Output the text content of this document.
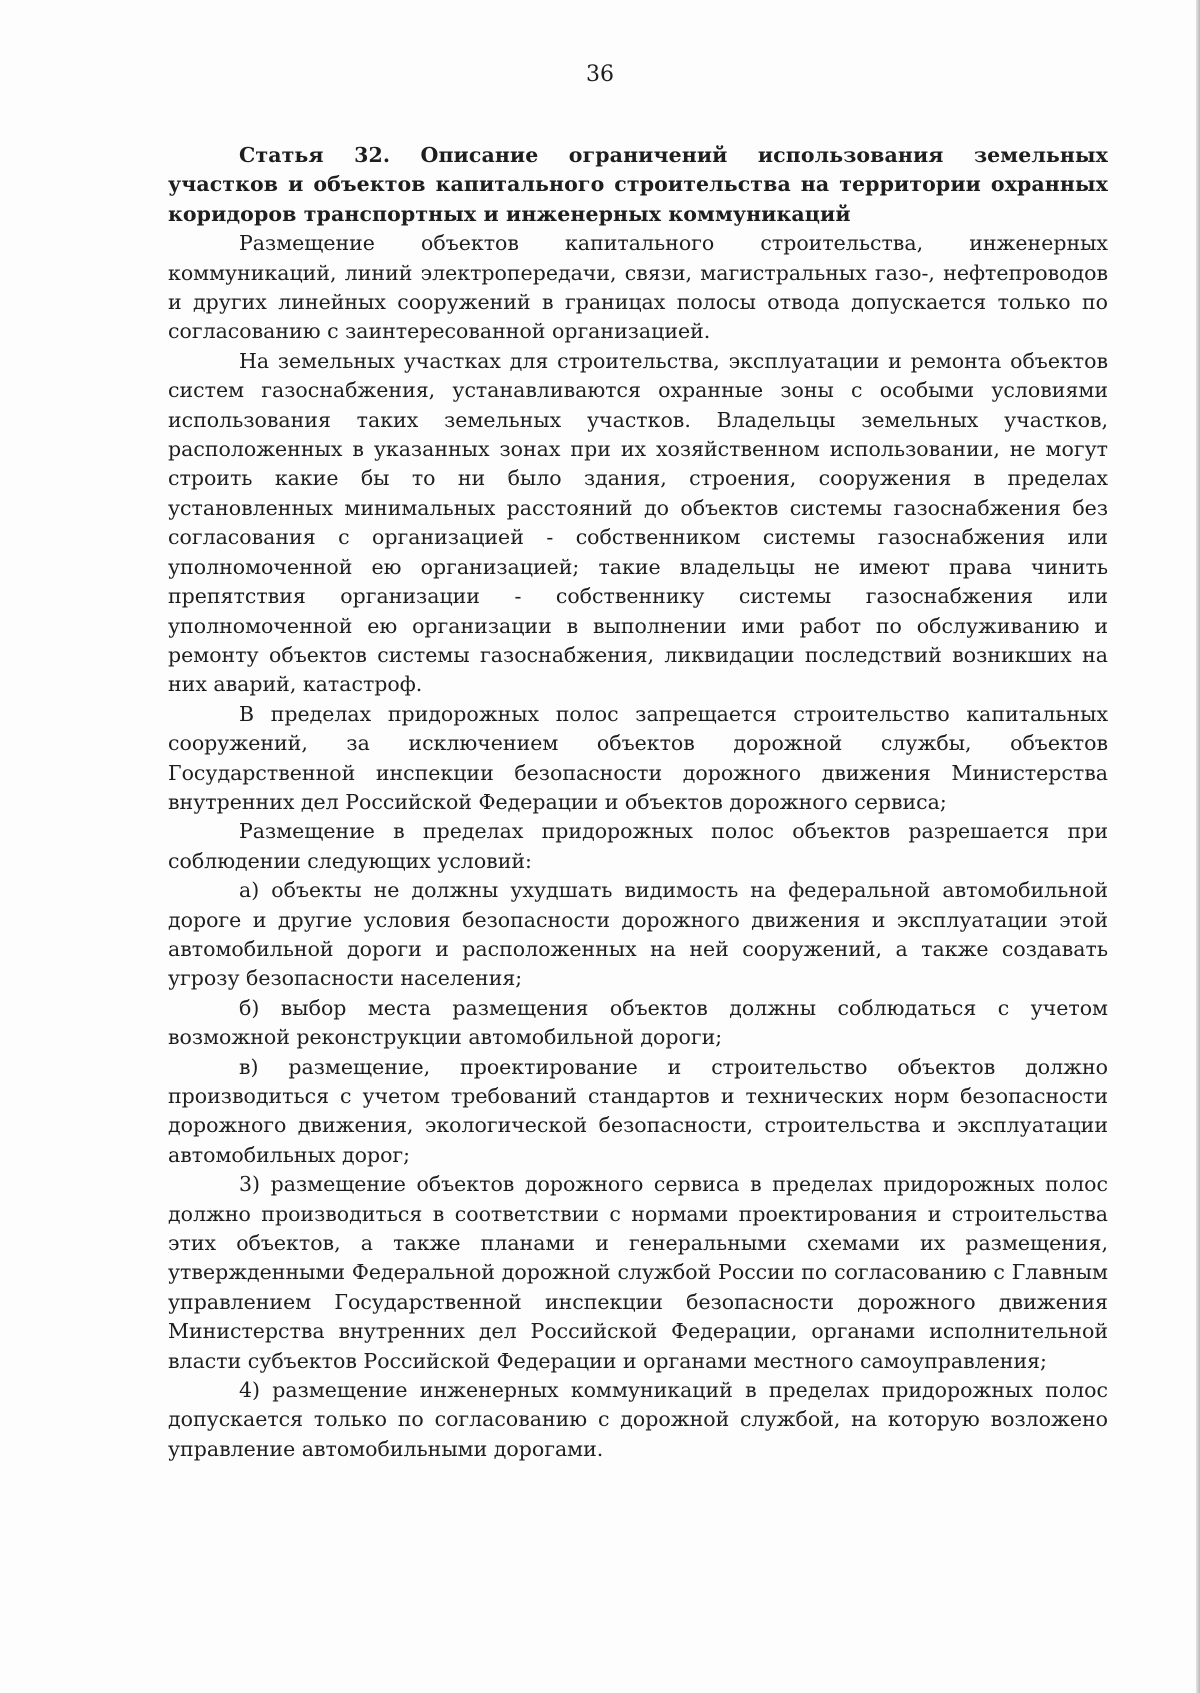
36

Статья 32. Описание ограничений использования земельных участков и объектов капитального строительства на территории охранных коридоров транспортных и инженерных коммуникаций

Размещение объектов капитального строительства, инженерных коммуникаций, линий электропередачи, связи, магистральных газо-, нефтепроводов и других линейных сооружений в границах полосы отвода допускается только по согласованию с заинтересованной организацией.

На земельных участках для строительства, эксплуатации и ремонта объектов систем газоснабжения, устанавливаются охранные зоны с особыми условиями использования таких земельных участков. Владельцы земельных участков, расположенных в указанных зонах при их хозяйственном использовании, не могут строить какие бы то ни было здания, строения, сооружения в пределах установленных минимальных расстояний до объектов системы газоснабжения без согласования с организацией - собственником системы газоснабжения или уполномоченной ею организацией; такие владельцы не имеют права чинить препятствия организации - собственнику системы газоснабжения или уполномоченной ею организации в выполнении ими работ по обслуживанию и ремонту объектов системы газоснабжения, ликвидации последствий возникших на них аварий, катастроф.

В пределах придорожных полос запрещается строительство капитальных сооружений, за исключением объектов дорожной службы, объектов Государственной инспекции безопасности дорожного движения Министерства внутренних дел Российской Федерации и объектов дорожного сервиса;

Размещение в пределах придорожных полос объектов разрешается при соблюдении следующих условий:

а) объекты не должны ухудшать видимость на федеральной автомобильной дороге и другие условия безопасности дорожного движения и эксплуатации этой автомобильной дороги и расположенных на ней сооружений, а также создавать угрозу безопасности населения;

б) выбор места размещения объектов должны соблюдаться с учетом возможной реконструкции автомобильной дороги;

в) размещение, проектирование и строительство объектов должно производиться с учетом требований стандартов и технических норм безопасности дорожного движения, экологической безопасности, строительства и эксплуатации автомобильных дорог;

3) размещение объектов дорожного сервиса в пределах придорожных полос должно производиться в соответствии с нормами проектирования и строительства этих объектов, а также планами и генеральными схемами их размещения, утвержденными Федеральной дорожной службой России по согласованию с Главным управлением Государственной инспекции безопасности дорожного движения Министерства внутренних дел Российской Федерации, органами исполнительной власти субъектов Российской Федерации и органами местного самоуправления;

4) размещение инженерных коммуникаций в пределах придорожных полос допускается только по согласованию с дорожной службой, на которую возложено управление автомобильными дорогами.
